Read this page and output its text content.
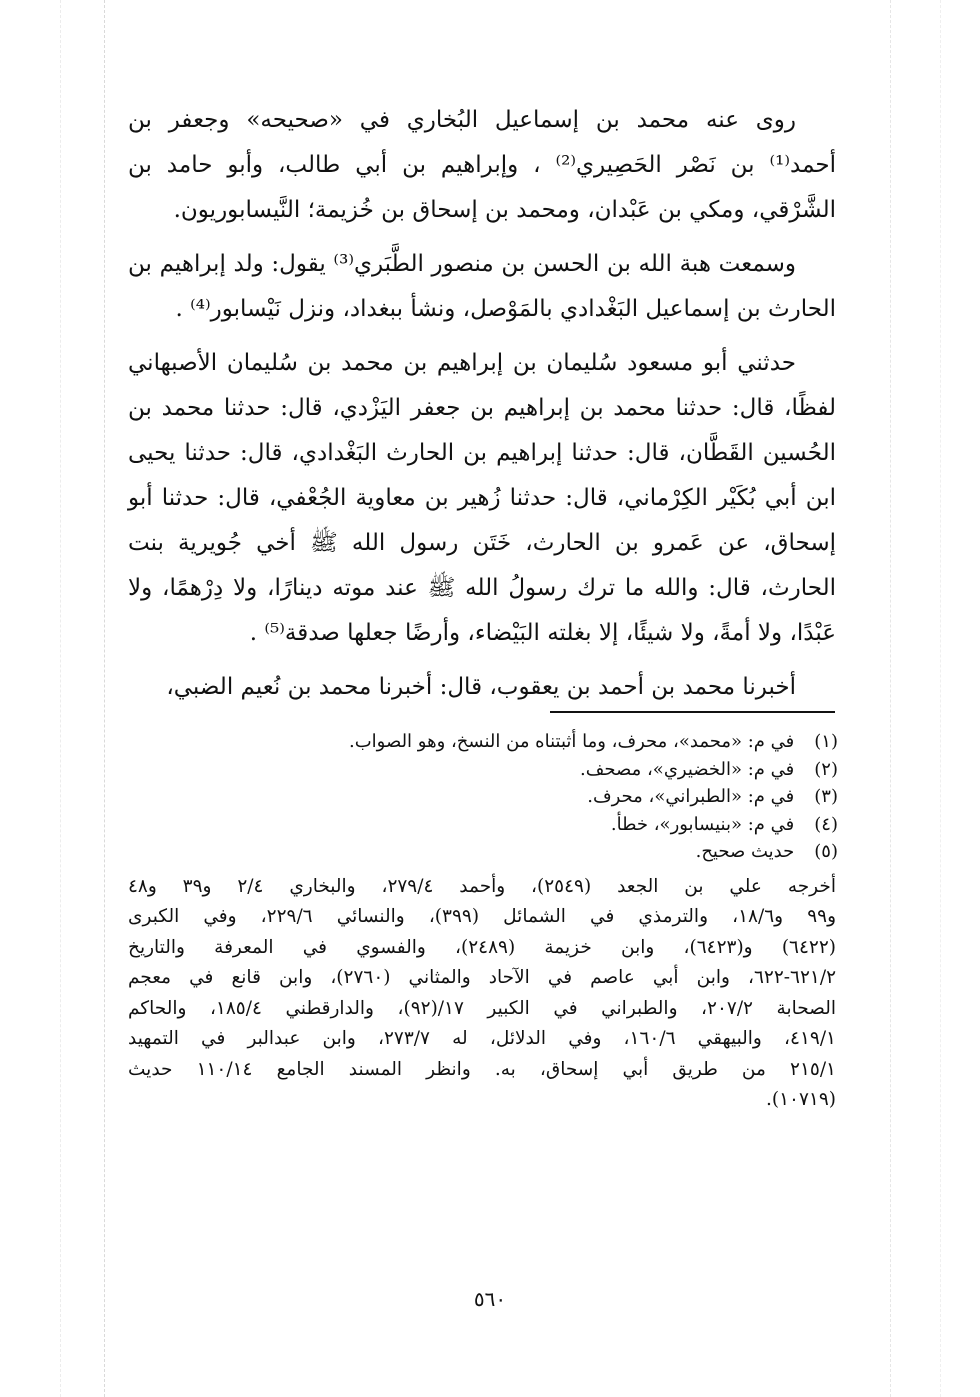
روى عنه محمد بن إسماعيل البُخاري في «صحيحه» وجعفر بن
أحمد⁽¹⁾ بن نَصْر الحَصِيري⁽²⁾ ، وإبراهيم بن أبي طالب، وأبو حامد بن
الشَّرْقي، ومكي بن عَبْدان، ومحمد بن إسحاق بن خُزيمة؛ النَّيسابوريون.

وسمعت هبة الله بن الحسن بن منصور الطَّبَري⁽³⁾ يقول: ولد إبراهيم بن
الحارث بن إسماعيل البَغْدادي بالمَوْصل، ونشأ ببغداد، ونزل نَيْسابور⁽⁴⁾ .

حدثني أبو مسعود سُليمان بن إبراهيم بن محمد بن سُليمان الأصبهاني
لفظًا، قال: حدثنا محمد بن إبراهيم بن جعفر اليَزْدي، قال: حدثنا محمد بن
الحُسين القَطَّان، قال: حدثنا إبراهيم بن الحارث البَغْدادي، قال: حدثنا يحيى
ابن أبي بُكَيْر الكِرْماني، قال: حدثنا زُهير بن معاوية الجُعْفي، قال: حدثنا أبو
إسحاق، عن عَمرو بن الحارث، خَتَن رسول الله ﷺ أخي جُويرية بنت
الحارث، قال: والله ما ترك رسولُ الله ﷺ عند موته دينارًا، ولا دِرْهمًا، ولا
عَبْدًا، ولا أمةً، ولا شيئًا، إلا بغلته البَيْضاء، وأرضًا جعلها صدقة⁽⁵⁾ .

أخبرنا محمد بن أحمد بن يعقوب، قال: أخبرنا محمد بن نُعيم الضبي،

(١) في م: «محمد»، محرف، وما أثبتناه من النسخ، وهو الصواب.
(٢) في م: «الخضيري»، مصحف.
(٣) في م: «الطبراني»، محرف.
(٤) في م: «بنيسابور»، خطأ.
(٥) حديث صحيح.
أخرجه علي بن الجعد (٢٥٤٩)، وأحمد ٢٧٩/٤، والبخاري ٢/٤ و٣٩ و٤٨
و٩٩ و١٨/٦، والترمذي في الشمائل (٣٩٩)، والنسائي ٢٢٩/٦، وفي الكبرى
(٦٤٢٢) و(٦٤٢٣)، وابن خزيمة (٢٤٨٩)، والفسوي في المعرفة والتاريخ
٦٢١/٢-٦٢٢، وابن أبي عاصم في الآحاد والمثاني (٢٧٦٠)، وابن قانع في معجم
الصحابة ٢٠٧/٢، والطبراني في الكبير ١٧/(٩٢)، والدارقطني ١٨٥/٤، والحاكم
٤١٩/١، والبيهقي ١٦٠/٦، وفي الدلائل، له ٢٧٣/٧، وابن عبدالبر في التمهيد
٢١٥/١ من طريق أبي إسحاق، به. وانظر المسند الجامع ١١٠/١٤ حديث
(١٠٧١٩).
٥٦٠
